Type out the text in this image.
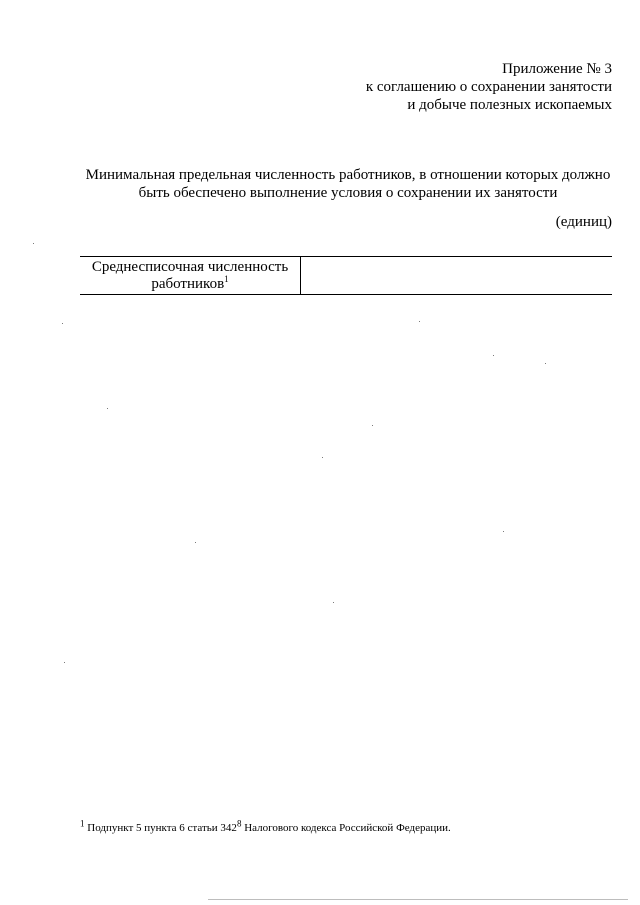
Приложение № 3
к соглашению о сохранении занятости
и добыче полезных ископаемых
Минимальная предельная численность работников, в отношении которых должно
быть обеспечено выполнение условия о сохранении их занятости
(единиц)
Среднесписочная численность
работников$^1$	
$^1$ Подпункт 5 пункта 6 статьи $342^8$ Налогового кодекса Российской Федерации.
